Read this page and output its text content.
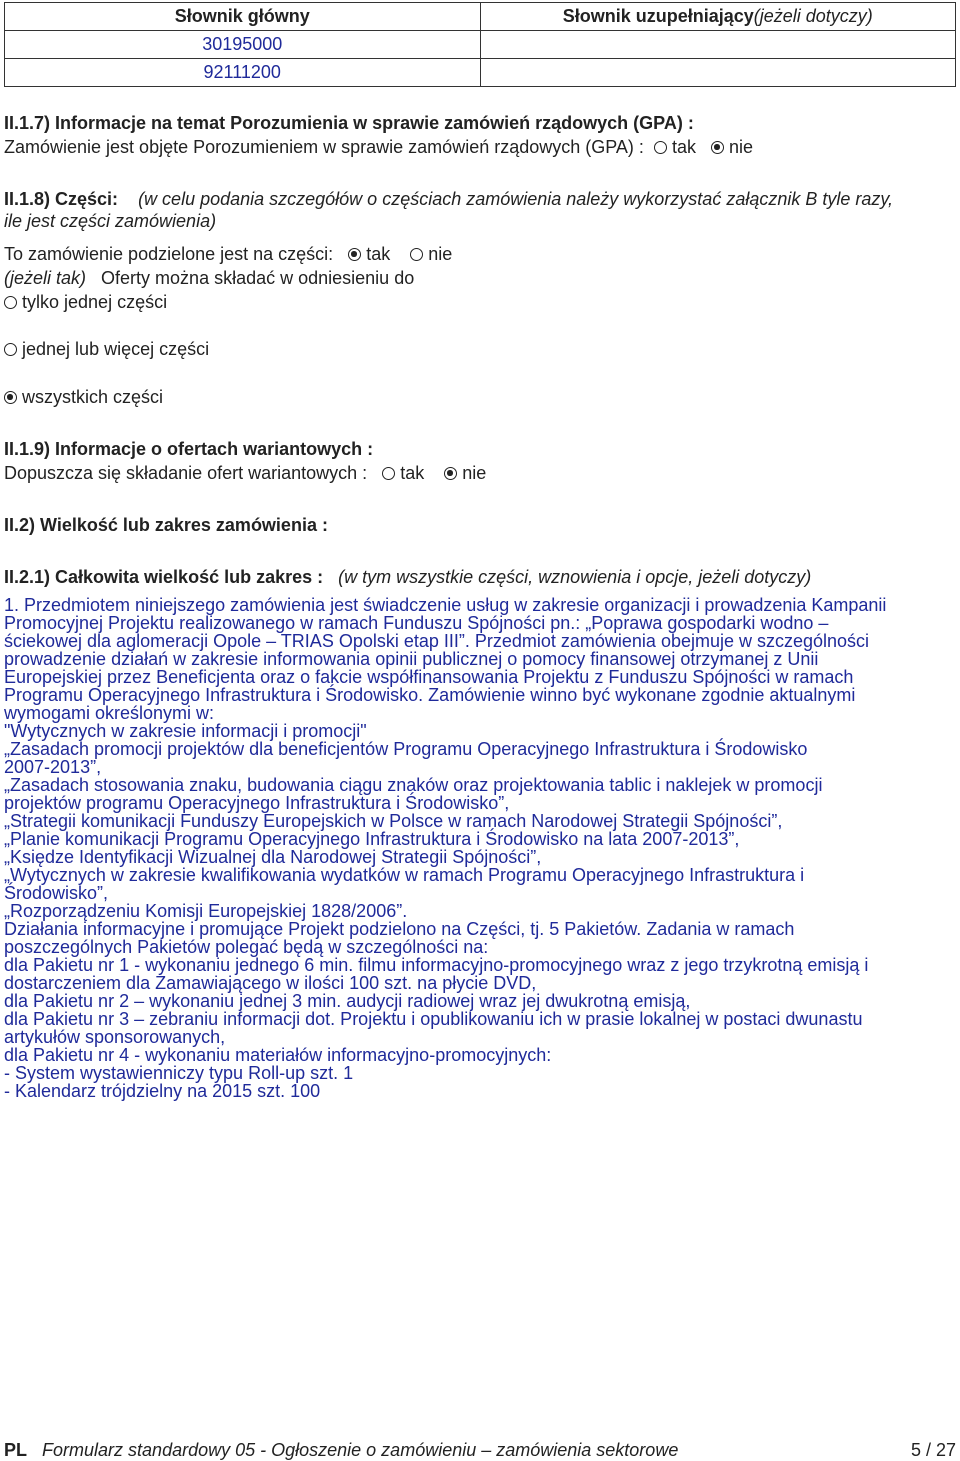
Słownik główny	Słownik uzupełniający(jeżeli dotyczy)
30195000	
92111200	
II.1.7) Informacje na temat Porozumienia w sprawie zamówień rządowych (GPA) :
Zamówienie jest objęte Porozumieniem w sprawie zamówień rządowych (GPA) : tak nie
II.1.8) Części: (w celu podania szczegółów o częściach zamówienia należy wykorzystać załącznik B tyle razy,
ile jest części zamówienia)
To zamówienie podzielone jest na części: tak nie
(jeżeli tak) Oferty można składać w odniesieniu do
tylko jednej części
jednej lub więcej części
wszystkich części
II.1.9) Informacje o ofertach wariantowych :
Dopuszcza się składanie ofert wariantowych : tak nie
II.2) Wielkość lub zakres zamówienia :
II.2.1) Całkowita wielkość lub zakres : (w tym wszystkie części, wznowienia i opcje, jeżeli dotyczy)
1. Przedmiotem niniejszego zamówienia jest świadczenie usług w zakresie organizacji i prowadzenia Kampanii
Promocyjnej Projektu realizowanego w ramach Funduszu Spójności pn.: „Poprawa gospodarki wodno –
ściekowej dla aglomeracji Opole – TRIAS Opolski etap III”. Przedmiot zamówienia obejmuje w szczególności
prowadzenie działań w zakresie informowania opinii publicznej o pomocy finansowej otrzymanej z Unii
Europejskiej przez Beneficjenta oraz o fakcie współfinansowania Projektu z Funduszu Spójności w ramach
Programu Operacyjnego Infrastruktura i Środowisko. Zamówienie winno być wykonane zgodnie aktualnymi
wymogami określonymi w:
"Wytycznych w zakresie informacji i promocji"
„Zasadach promocji projektów dla beneficjentów Programu Operacyjnego Infrastruktura i Środowisko
2007-2013”,
„Zasadach stosowania znaku, budowania ciągu znaków oraz projektowania tablic i naklejek w promocji
projektów programu Operacyjnego Infrastruktura i Środowisko”,
„Strategii komunikacji Funduszy Europejskich w Polsce w ramach Narodowej Strategii Spójności”,
„Planie komunikacji Programu Operacyjnego Infrastruktura i Środowisko na lata 2007-2013”,
„Księdze Identyfikacji Wizualnej dla Narodowej Strategii Spójności”,
„Wytycznych w zakresie kwalifikowania wydatków w ramach Programu Operacyjnego Infrastruktura i
Środowisko”,
„Rozporządzeniu Komisji Europejskiej 1828/2006”.
Działania informacyjne i promujące Projekt podzielono na Części, tj. 5 Pakietów. Zadania w ramach
poszczególnych Pakietów polegać będą w szczególności na:
dla Pakietu nr 1 - wykonaniu jednego 6 min. filmu informacyjno-promocyjnego wraz z jego trzykrotną emisją i
dostarczeniem dla Zamawiającego w ilości 100 szt. na płycie DVD,
dla Pakietu nr 2 – wykonaniu jednej 3 min. audycji radiowej wraz jej dwukrotną emisją,
dla Pakietu nr 3 – zebraniu informacji dot. Projektu i opublikowaniu ich w prasie lokalnej w postaci dwunastu
artykułów sponsorowanych,
dla Pakietu nr 4 - wykonaniu materiałów informacyjno-promocyjnych:
- System wystawienniczy typu Roll-up szt. 1
- Kalendarz trójdzielny na 2015 szt. 100
PL Formularz standardowy 05 - Ogłoszenie o zamówieniu – zamówienia sektorowe	5 / 27
